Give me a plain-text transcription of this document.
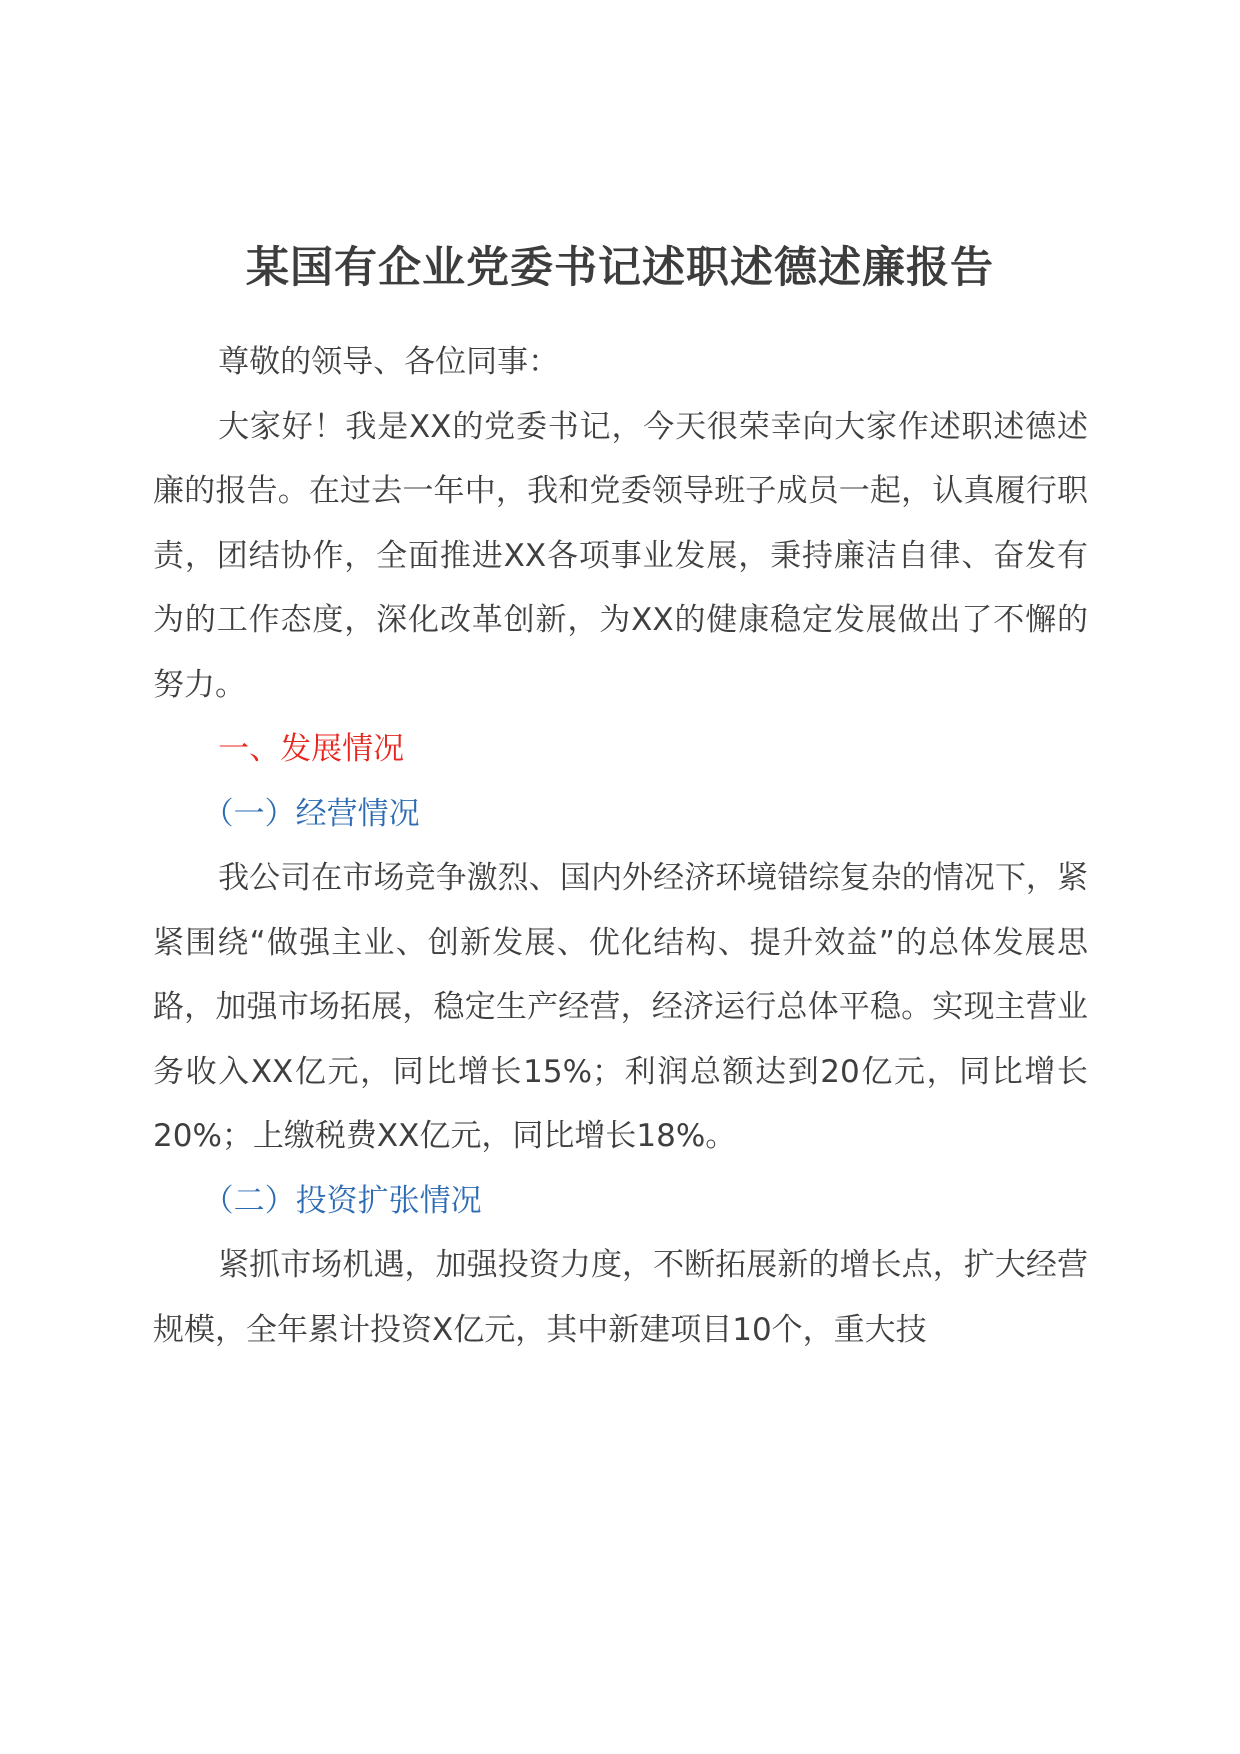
某国有企业党委书记述职述德述廉报告

尊敬的领导、各位同事：

大家好！我是XX的党委书记，今天很荣幸向大家作述职述德述廉的报告。在过去一年中，我和党委领导班子成员一起，认真履行职责，团结协作，全面推进XX各项事业发展，秉持廉洁自律、奋发有为的工作态度，深化改革创新，为XX的健康稳定发展做出了不懈的努力。

一、发展情况

（一）经营情况

我公司在市场竞争激烈、国内外经济环境错综复杂的情况下，紧紧围绕“做强主业、创新发展、优化结构、提升效益”的总体发展思路，加强市场拓展，稳定生产经营，经济运行总体平稳。实现主营业务收入XX亿元，同比增长15%；利润总额达到20亿元，同比增长20%；上缴税费XX亿元，同比增长18%。

（二）投资扩张情况

紧抓市场机遇，加强投资力度，不断拓展新的增长点，扩大经营规模，全年累计投资X亿元，其中新建项目10个，重大技
